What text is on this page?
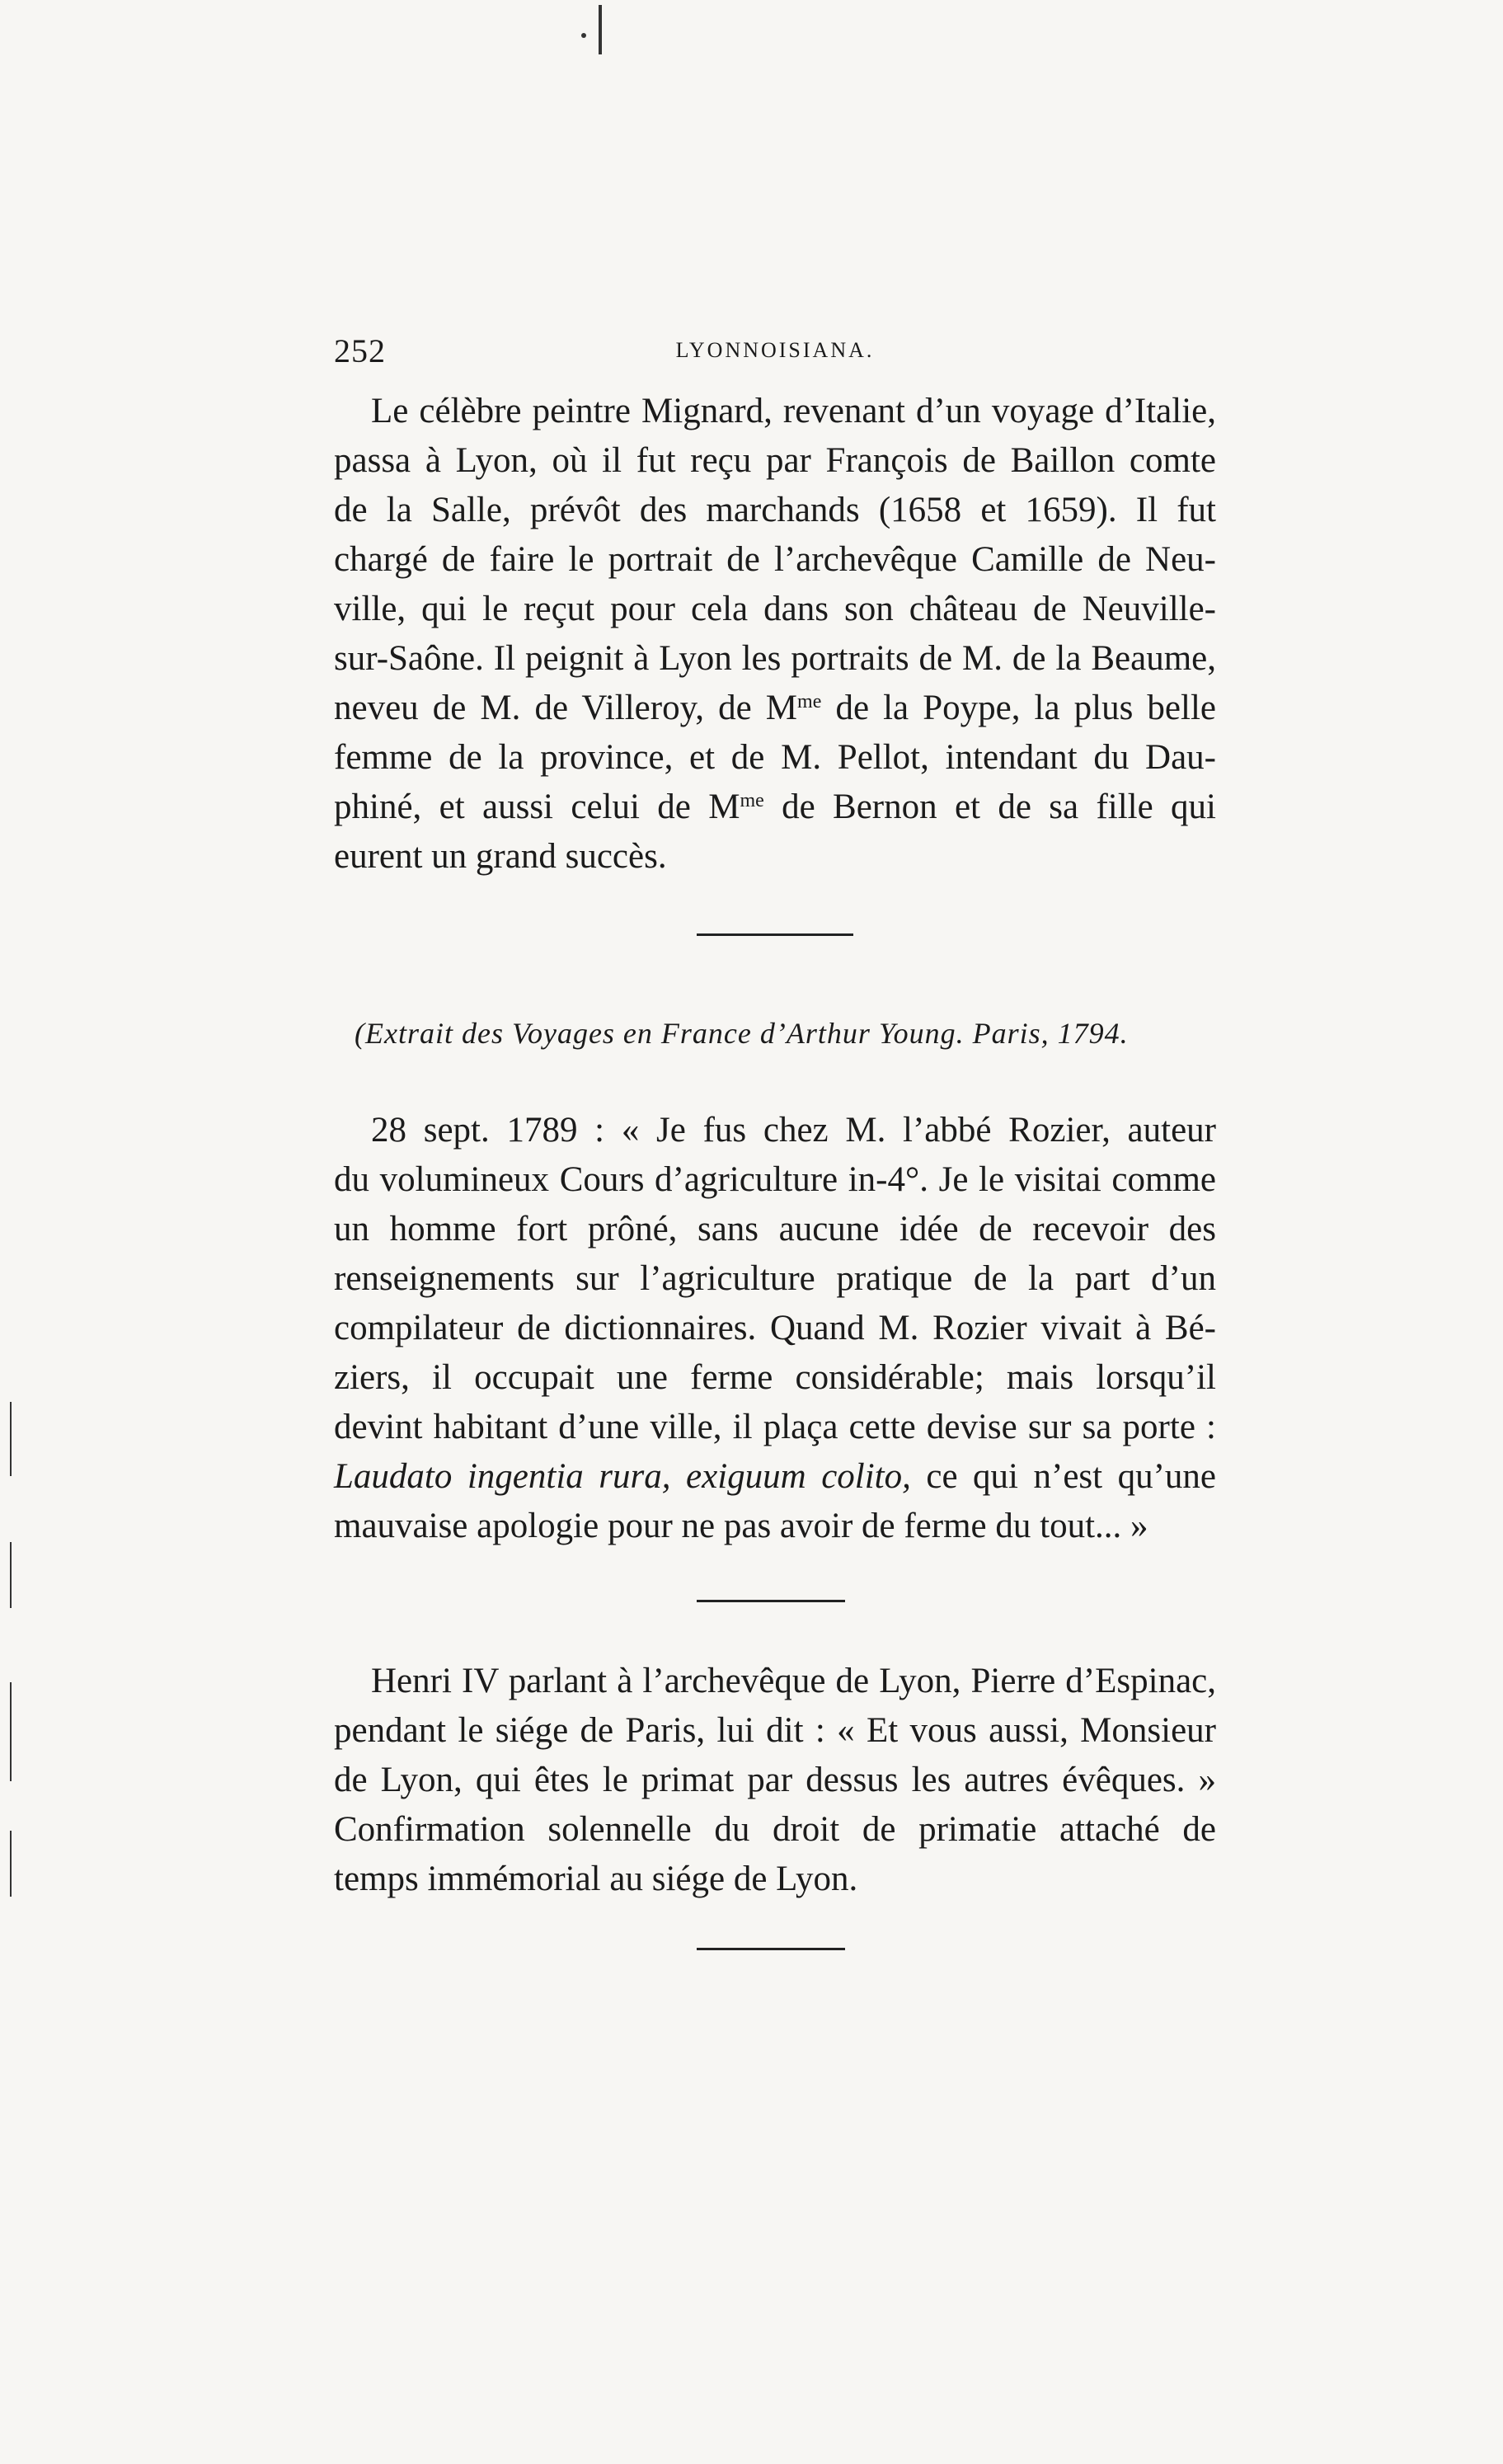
252	LYONNOISIANA.
Le célèbre peintre Mignard, revenant d’un voyage d’Italie,
passa à Lyon, où il fut reçu par François de Baillon comte
de la Salle, prévôt des marchands (1658 et 1659). Il fut
chargé de faire le portrait de l’archevêque Camille de Neu-
ville, qui le reçut pour cela dans son château de Neuville-
sur-Saône. Il peignit à Lyon les portraits de M. de la Beaume,
neveu de M. de Villeroy, de $M^{me}$ de la Poype, la plus belle
femme de la province, et de M. Pellot, intendant du Dau-
phiné, et aussi celui de $M^{me}$ de Bernon et de sa fille qui
eurent un grand succès.
(Extrait des Voyages en France d’Arthur Young. Paris, 1794.
28 sept. 1789 : « Je fus chez M. l’abbé Rozier, auteur
du volumineux Cours d’agriculture in-4°. Je le visitai comme
un homme fort prôné, sans aucune idée de recevoir des
renseignements sur l’agriculture pratique de la part d’un
compilateur de dictionnaires. Quand M. Rozier vivait à Bé-
ziers, il occupait une ferme considérable; mais lorsqu’il
devint habitant d’une ville, il plaça cette devise sur sa porte :
Laudato ingentia rura, exiguum colito, ce qui n’est qu’une
mauvaise apologie pour ne pas avoir de ferme du tout... »
Henri IV parlant à l’archevêque de Lyon, Pierre d’Espinac,
pendant le siége de Paris, lui dit : « Et vous aussi, Monsieur
de Lyon, qui êtes le primat par dessus les autres évêques. »
Confirmation solennelle du droit de primatie attaché de
temps immémorial au siége de Lyon.
